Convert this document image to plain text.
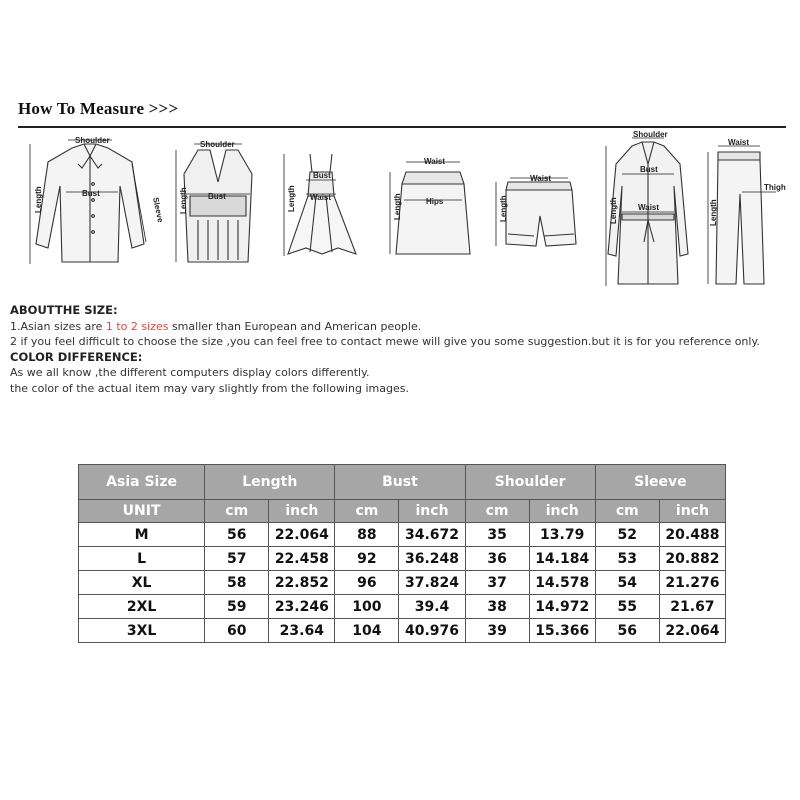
How To Measure >>>
Shoulder
Bust
Length	Sleeve
Shoulder
Bust
Length
Bust
Waist
Length
Waist
Hips
Length
Waist
Length
Shoulder
Bust
Waist
Length
Waist
Thigh
Length
ABOUTTHE SIZE:
1.Asian sizes are 1 to 2 sizes smaller than European and American people.
2 if you feel difficult to choose the size ,you can feel free to contact mewe will give you some suggestion.but it is for you reference only.
COLOR DIFFERENCE:
As we all know ,the different computers display colors differently.
the color of the actual item may vary slightly from the following images.
Asia Size	Length		Bust		Shoulder		Sleeve	
UNIT	cm	inch	cm	inch	cm	inch	cm	inch
M	56	22.064	88	34.672	35	13.79	52	20.488
L	57	22.458	92	36.248	36	14.184	53	20.882
XL	58	22.852	96	37.824	37	14.578	54	21.276
2XL	59	23.246	100	39.4	38	14.972	55	21.67
3XL	60	23.64	104	40.976	39	15.366	56	22.064
